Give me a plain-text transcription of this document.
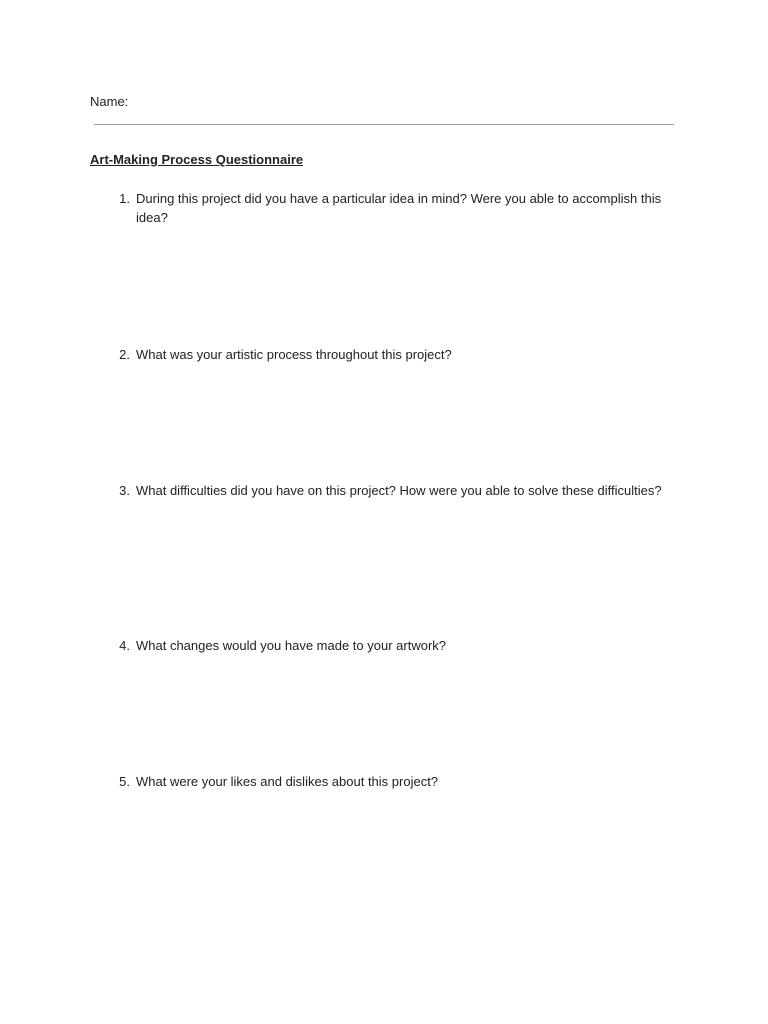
Name:
Art-Making Process Questionnaire
1. During this project did you have a particular idea in mind? Were you able to accomplish this idea?
2. What was your artistic process throughout this project?
3. What difficulties did you have on this project? How were you able to solve these difficulties?
4. What changes would you have made to your artwork?
5. What were your likes and dislikes about this project?
